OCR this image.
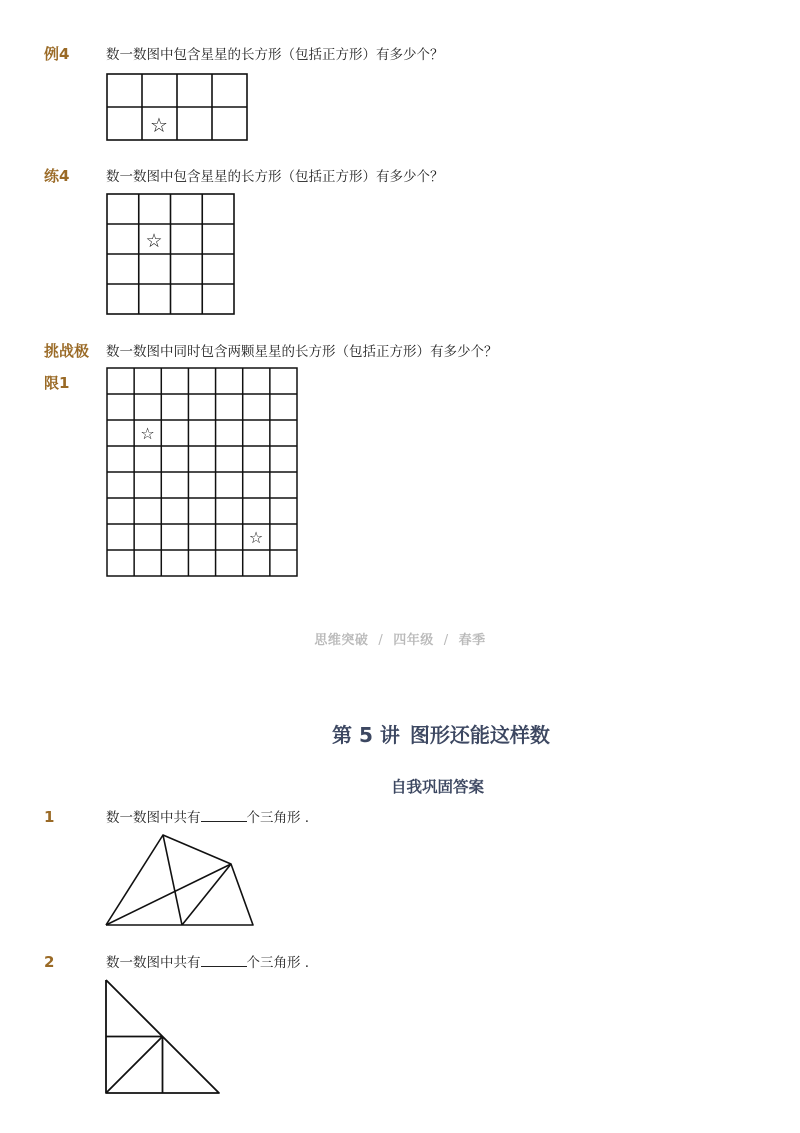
例4	数一数图中包含星星的长方形（包括正方形）有多少个？
☆
练4	数一数图中包含星星的长方形（包括正方形）有多少个？
☆
挑战极
限1
数一数图中同时包含两颗星星的长方形（包括正方形）有多少个？
☆
☆
思维突破 / 四年级 / 春季
第 5 讲 图形还能这样数
自我巩固答案
1	数一数图中共有	个三角形 .
2	数一数图中共有	个三角形 .
